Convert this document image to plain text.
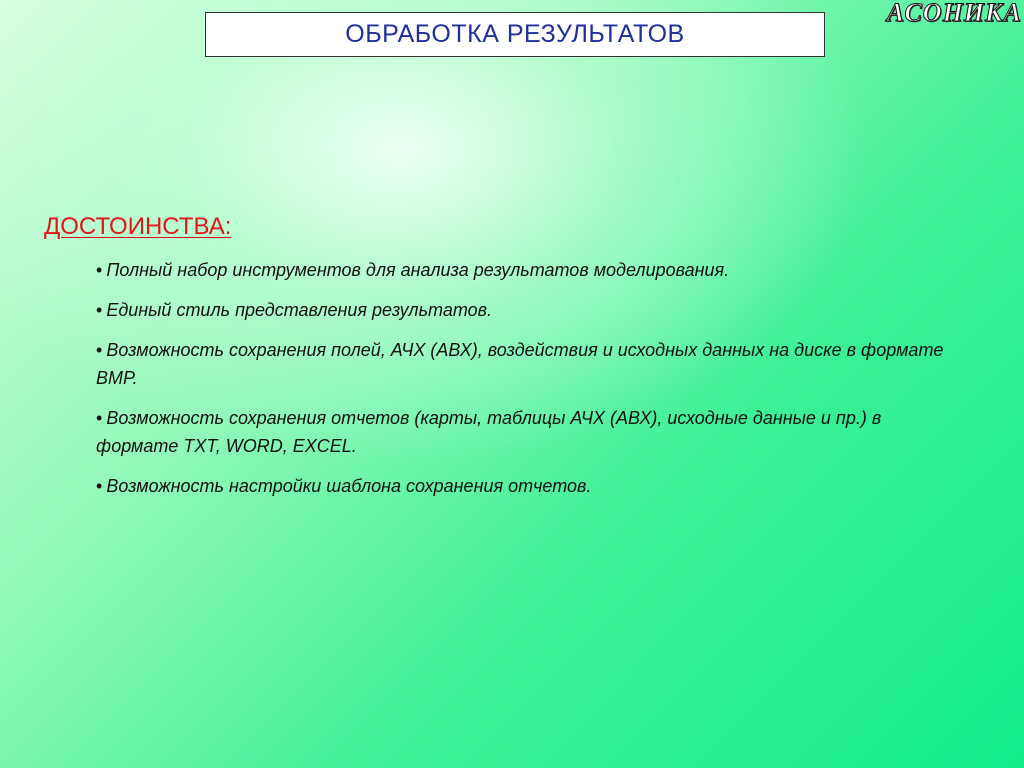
ОБРАБОТКА РЕЗУЛЬТАТОВ
АСОНИКА
ДОСТОИНСТВА:
• Полный набор инструментов для анализа результатов моделирования.
• Единый стиль представления результатов.
• Возможность сохранения полей, АЧХ (АВХ), воздействия и исходных данных на диске в формате BMP.
• Возможность сохранения отчетов (карты, таблицы АЧХ (АВХ), исходные данные и пр.) в формате TXT, WORD, EXCEL.
• Возможность настройки шаблона сохранения отчетов.
